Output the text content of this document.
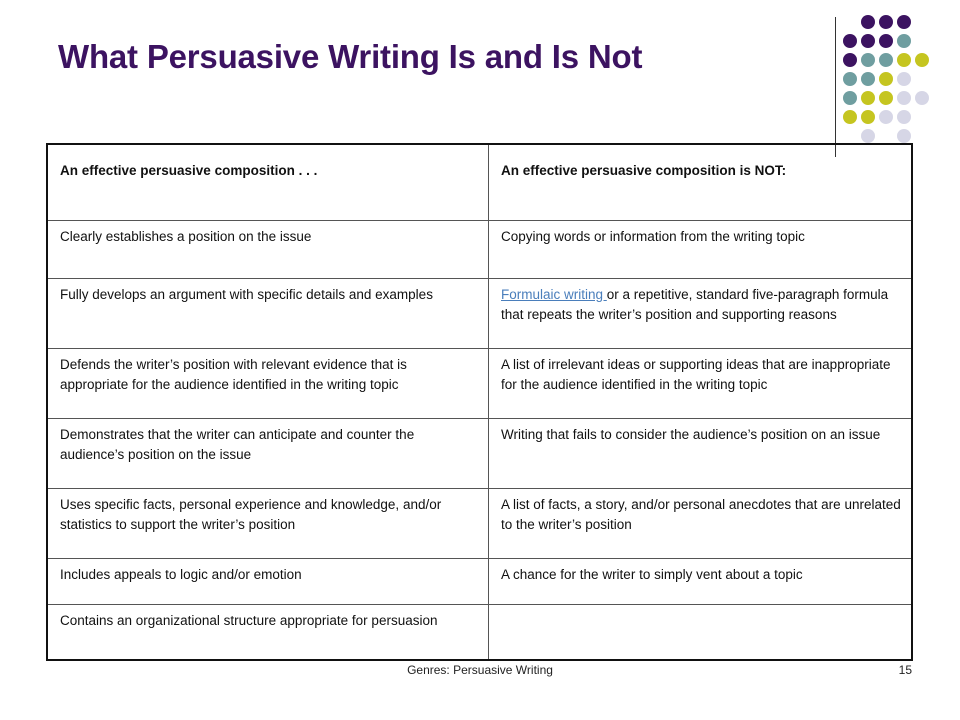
What Persuasive Writing Is and Is Not
An effective persuasive composition . . .	An effective persuasive composition is NOT:
Clearly establishes a position on the issue	Copying words or information from the writing topic
Fully develops an argument with specific details and examples	Formulaic writing or a repetitive, standard five-paragraph formula that repeats the writer’s position and supporting reasons
Defends the writer’s position with relevant evidence that is appropriate for the audience identified in the writing topic	A list of irrelevant ideas or supporting ideas that are inappropriate for the audience identified in the writing topic
Demonstrates that the writer can anticipate and counter the audience’s position on the issue	Writing that fails to consider the audience’s position on an issue
Uses specific facts, personal experience and knowledge, and/or statistics to support the writer’s position	A list of facts, a story, and/or personal anecdotes that are unrelated to the writer’s position
Includes appeals to logic and/or emotion	A chance for the writer to simply vent about a topic
Contains an organizational structure appropriate for persuasion	
Genres: Persuasive Writing	15
